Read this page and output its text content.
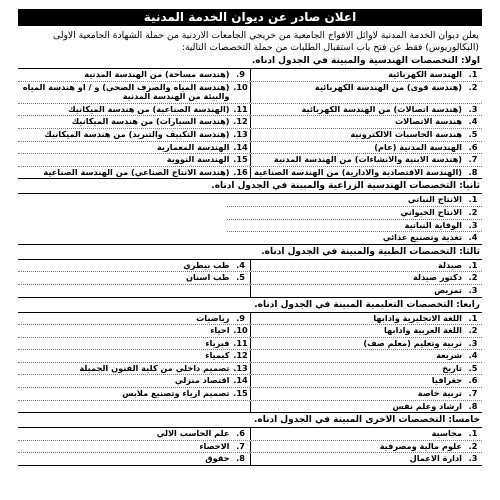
اعلان صادر عن ديوان الخدمة المدنية
يعلن ديوان الخدمة المدنية لاوائل الافواج الجامعية من خريجي الجامعات الاردنية من حملة الشهادة الجامعية الاولى (البكالوريوس) فقط عن فتح باب استقبال الطلبات من حملة التخصصات التالية:
أولاً: التخصصات الهندسية والمبينة في الجدول أدناه.
1.
الهندسة الكهربائية
9.
(هندسة مساحة) من الهندسة المدنية
2.
(هندسة قوى) من الهندسة الكهربائية
10.
(هندسة المياه والصرف الصحي) و / او هندسة المياه والبيئة من الهندسة المدنية
3.
(هندسة اتصالات) من الهندسة الكهربائية
11.
(الهندسة الصناعية) من هندسة الميكانيك
4.
هندسة الاتصالات
12.
(هندسة السيارات) من هندسة الميكانيك
5.
هندسة الحاسبات الالكترونية
13.
(هندسة التكييف والتبريد) من هندسة الميكانيك
6.
الهندسة المدنية (عام)
14.
الهندسة المعمارية
7.
(هندسة الابنية والانشاءات) من الهندسة المدنية
15.
الهندسة النووية
8.
(الهندسة الاقتصادية والادارية) من الهندسة الصناعية
16.
(هندسة الانتاج الصناعي) من الهندسة الصناعية
ثانياً: التخصصات الهندسية الزراعية والمبينة في الجدول أدناه.
1.
الانتاج النباتي
2.
الانتاج الحيواني
3.
الوقاية النباتية
4.
تغذية وتصنيع غذائي
ثالثاً: التخصصات الطبية والمبينة في الجدول أدناه.
1.
صيدلة
4.
طب بيطري
2.
دكتور صيدلة
5.
طب اسنان
3.
تمريض
رابعاً: التخصصات التعليمية المبينة في الجدول أدناه.
1.
اللغة الانجليزية وادابها
9.
رياضيات
2.
اللغة العربية وادابها
10.
احياء
3.
تربية وتعليم (معلم صف)
11.
فيزياء
4.
شريعة
12.
كيمياء
5.
تاريخ
13.
تصميم داخلي من كلية الفنون الجميلة
6.
جغرافيا
14.
اقتصاد منزلي
7.
تربية خاصة
15.
تصميم ازياء وتصنيع ملابس
8.
ارشاد وعلم نفس
خامساً: التخصصات الاخرى المبينة في الجدول أدناه.
1.
محاسبة
6.
علم الحاسب الالي
2.
علوم مالية ومصرفية
7.
الاحصاء
3.
ادارة الاعمال
8.
حقوق
